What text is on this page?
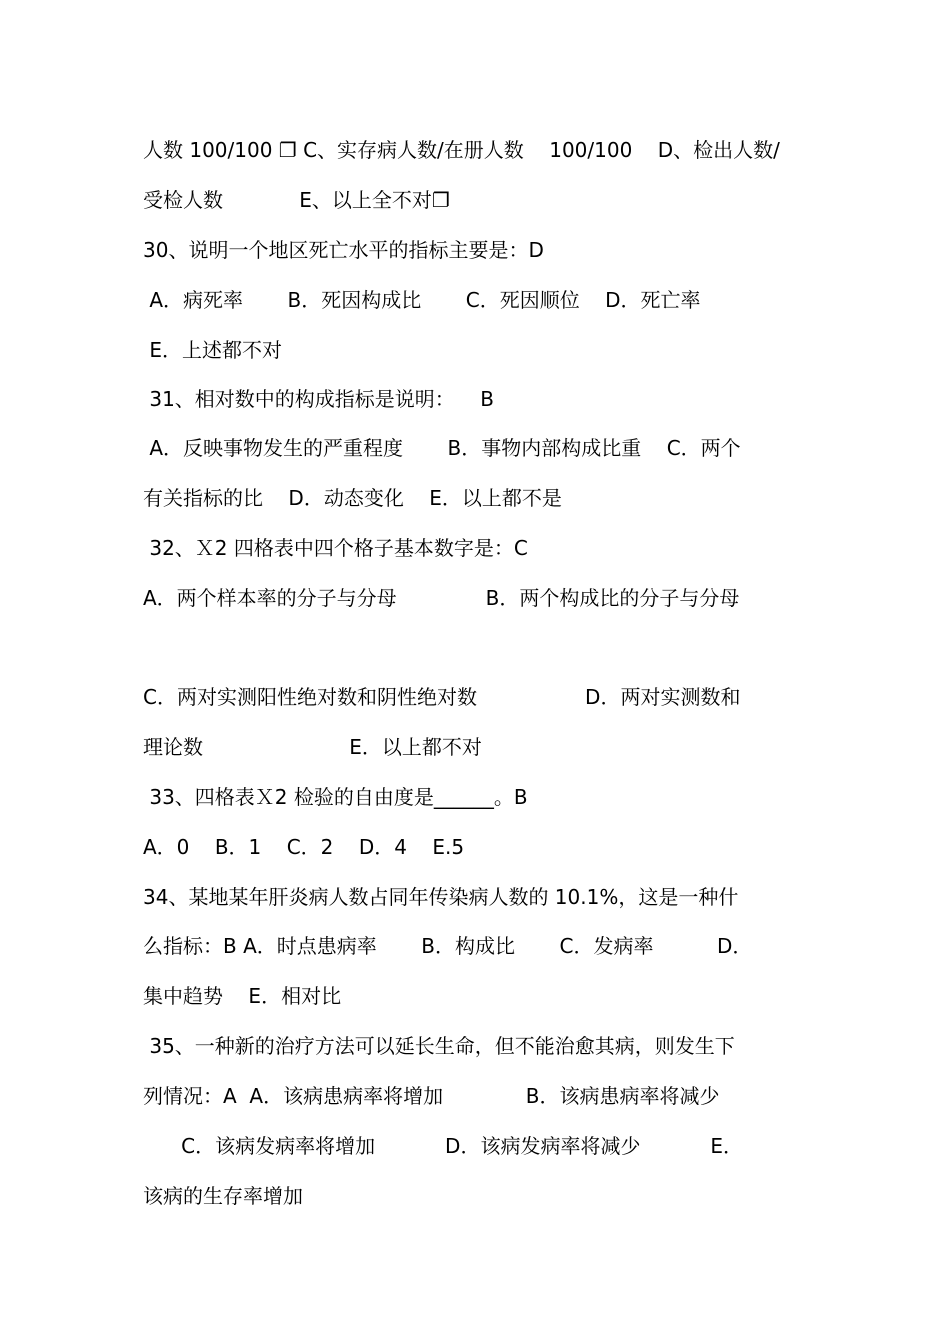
人数 100/100 ❐ C、实存病人数/在册人数    100/100    D、检出人数/
受检人数            E、以上全不对❐
30、说明一个地区死亡水平的指标主要是：D
A．病死率       B．死因构成比       C．死因顺位    D．死亡率
E．上述都不对
31、相对数中的构成指标是说明：    B
A．反映事物发生的严重程度       B．事物内部构成比重    C．两个
有关指标的比    D．动态变化    E．以上都不是
32、Ｘ2 四格表中四个格子基本数字是：C
A．两个样本率的分子与分母              B．两个构成比的分子与分母
C．两对实测阳性绝对数和阴性绝对数                 D．两对实测数和
理论数                       E．以上都不对
33、四格表Ｘ2 检验的自由度是______。B
A．0    B．1    C．2    D．4    E.5
34、某地某年肝炎病人数占同年传染病人数的 10.1%，这是一种什
么指标：B A．时点患病率       B．构成比       C．发病率          D．
集中趋势    E．相对比
35、一种新的治疗方法可以延长生命，但不能治愈其病，则发生下
列情况：A  A．该病患病率将增加             B．该病患病率将减少
C．该病发病率将增加           D．该病发病率将减少           E．
该病的生存率增加
